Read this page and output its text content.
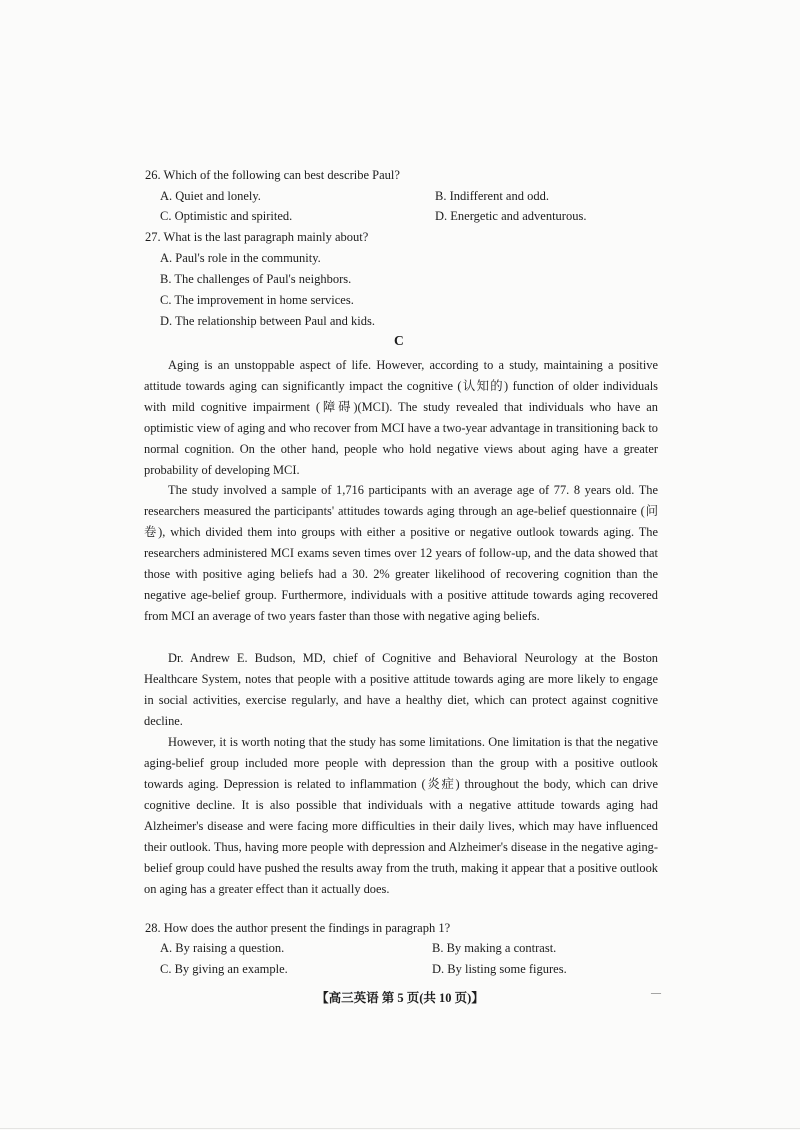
26. Which of the following can best describe Paul?
A. Quiet and lonely.	B. Indifferent and odd.
C. Optimistic and spirited.	D. Energetic and adventurous.
27. What is the last paragraph mainly about?
A. Paul's role in the community.
B. The challenges of Paul's neighbors.
C. The improvement in home services.
D. The relationship between Paul and kids.
C

Aging is an unstoppable aspect of life. However, according to a study, maintaining a positive attitude towards aging can significantly impact the cognitive (认知的) function of older individuals with mild cognitive impairment (障碍)(MCI). The study revealed that individuals who have an optimistic view of aging and who recover from MCI have a two-year advantage in transitioning back to normal cognition. On the other hand, people who hold negative views about aging have a greater probability of developing MCI.

The study involved a sample of 1,716 participants with an average age of 77. 8 years old. The researchers measured the participants' attitudes towards aging through an age-belief questionnaire (问卷), which divided them into groups with either a positive or negative outlook towards aging. The researchers administered MCI exams seven times over 12 years of follow-up, and the data showed that those with positive aging beliefs had a 30. 2% greater likelihood of recovering cognition than the negative age-belief group. Furthermore, individuals with a positive attitude towards aging recovered from MCI an average of two years faster than those with negative aging beliefs.

Dr. Andrew E. Budson, MD, chief of Cognitive and Behavioral Neurology at the Boston Healthcare System, notes that people with a positive attitude towards aging are more likely to engage in social activities, exercise regularly, and have a healthy diet, which can protect against cognitive decline.

However, it is worth noting that the study has some limitations. One limitation is that the negative aging-belief group included more people with depression than the group with a positive outlook towards aging. Depression is related to inflammation (炎症) throughout the body, which can drive cognitive decline. It is also possible that individuals with a negative attitude towards aging had Alzheimer's disease and were facing more difficulties in their daily lives, which may have influenced their outlook. Thus, having more people with depression and Alzheimer's disease in the negative aging-belief group could have pushed the results away from the truth, making it appear that a positive outlook on aging has a greater effect than it actually does.

28. How does the author present the findings in paragraph 1?
A. By raising a question.	B. By making a contrast.
C. By giving an example.	D. By listing some figures.
【高三英语 第 5 页(共 10 页)】	—
